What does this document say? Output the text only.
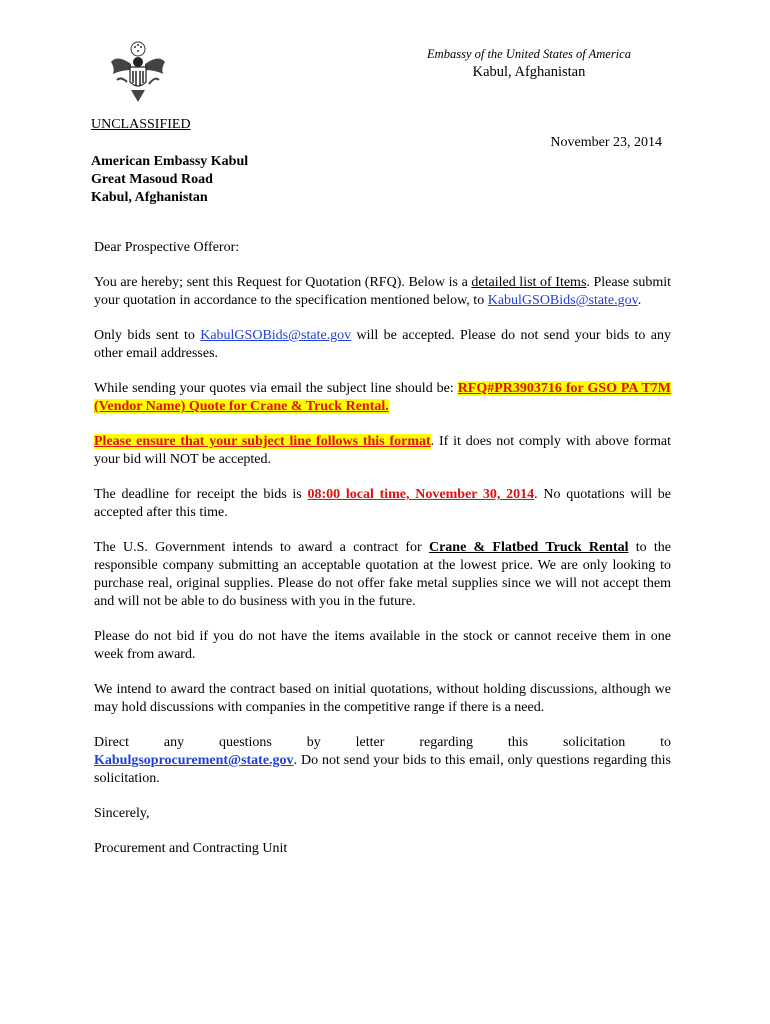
Embassy of the United States of America
Kabul, Afghanistan
UNCLASSIFIED
November 23, 2014
American Embassy Kabul
Great Masoud Road
Kabul, Afghanistan

Dear Prospective Offeror:

You are hereby; sent this Request for Quotation (RFQ). Below is a detailed list of Items. Please submit your quotation in accordance to the specification mentioned below, to KabulGSOBids@state.gov.

Only bids sent to KabulGSOBids@state.gov will be accepted. Please do not send your bids to any other email addresses.

While sending your quotes via email the subject line should be: RFQ#PR3903716 for GSO PA T7M (Vendor Name) Quote for Crane & Truck Rental.

Please ensure that your subject line follows this format. If it does not comply with above format your bid will NOT be accepted.

The deadline for receipt the bids is 08:00 local time, November 30, 2014. No quotations will be accepted after this time.

The U.S. Government intends to award a contract for Crane & Flatbed Truck Rental to the responsible company submitting an acceptable quotation at the lowest price. We are only looking to purchase real, original supplies. Please do not offer fake metal supplies since we will not accept them and will not be able to do business with you in the future.

Please do not bid if you do not have the items available in the stock or cannot receive them in one week from award.

We intend to award the contract based on initial quotations, without holding discussions, although we may hold discussions with companies in the competitive range if there is a need.

Direct any questions by letter regarding this solicitation to
Kabulgsoprocurement@state.gov. Do not send your bids to this email, only questions regarding this solicitation.

Sincerely,

Procurement and Contracting Unit
